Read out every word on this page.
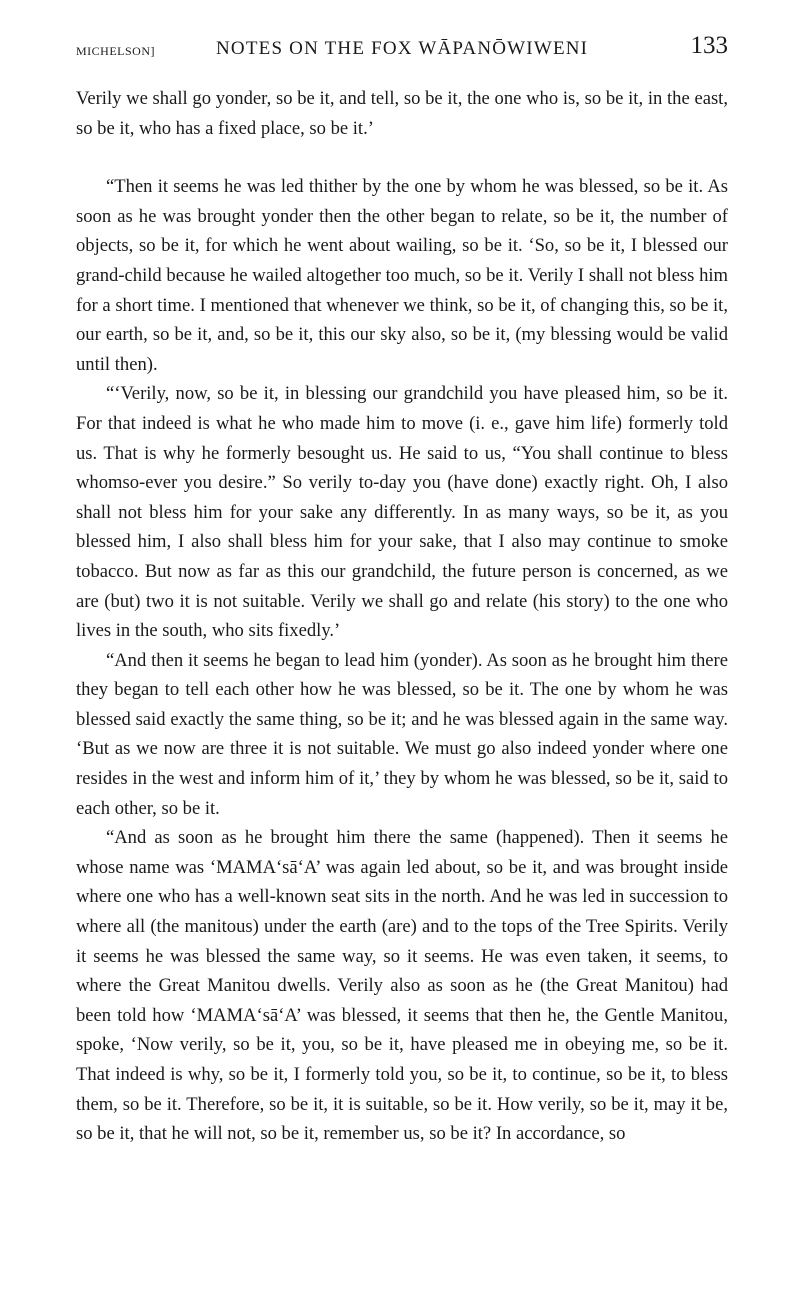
MICHELSON]	NOTES ON THE FOX WĀPANŌWIWENI	133

Verily we shall go yonder, so be it, and tell, so be it, the one who is, so be it, in the east, so be it, who has a fixed place, so be it.’

“Then it seems he was led thither by the one by whom he was blessed, so be it. As soon as he was brought yonder then the other began to relate, so be it, the number of objects, so be it, for which he went about wailing, so be it. ‘So, so be it, I blessed our grand-child because he wailed altogether too much, so be it. Verily I shall not bless him for a short time. I mentioned that whenever we think, so be it, of changing this, so be it, our earth, so be it, and, so be it, this our sky also, so be it, (my blessing would be valid until then).

“‘Verily, now, so be it, in blessing our grandchild you have pleased him, so be it. For that indeed is what he who made him to move (i. e., gave him life) formerly told us. That is why he formerly besought us. He said to us, “You shall continue to bless whomso-ever you desire.” So verily to-day you (have done) exactly right. Oh, I also shall not bless him for your sake any differently. In as many ways, so be it, as you blessed him, I also shall bless him for your sake, that I also may continue to smoke tobacco. But now as far as this our grandchild, the future person is concerned, as we are (but) two it is not suitable. Verily we shall go and relate (his story) to the one who lives in the south, who sits fixedly.’

“And then it seems he began to lead him (yonder). As soon as he brought him there they began to tell each other how he was blessed, so be it. The one by whom he was blessed said exactly the same thing, so be it; and he was blessed again in the same way. ‘But as we now are three it is not suitable. We must go also indeed yonder where one resides in the west and inform him of it,’ they by whom he was blessed, so be it, said to each other, so be it.

“And as soon as he brought him there the same (happened). Then it seems he whose name was ‘MAMAʻsāʻA’ was again led about, so be it, and was brought inside where one who has a well-known seat sits in the north. And he was led in succession to where all (the manitous) under the earth (are) and to the tops of the Tree Spirits. Verily it seems he was blessed the same way, so it seems. He was even taken, it seems, to where the Great Manitou dwells. Verily also as soon as he (the Great Manitou) had been told how ‘MAMAʻsāʻA’ was blessed, it seems that then he, the Gentle Manitou, spoke, ‘Now verily, so be it, you, so be it, have pleased me in obeying me, so be it. That indeed is why, so be it, I formerly told you, so be it, to continue, so be it, to bless them, so be it. Therefore, so be it, it is suitable, so be it. How verily, so be it, may it be, so be it, that he will not, so be it, remember us, so be it? In accordance, so
